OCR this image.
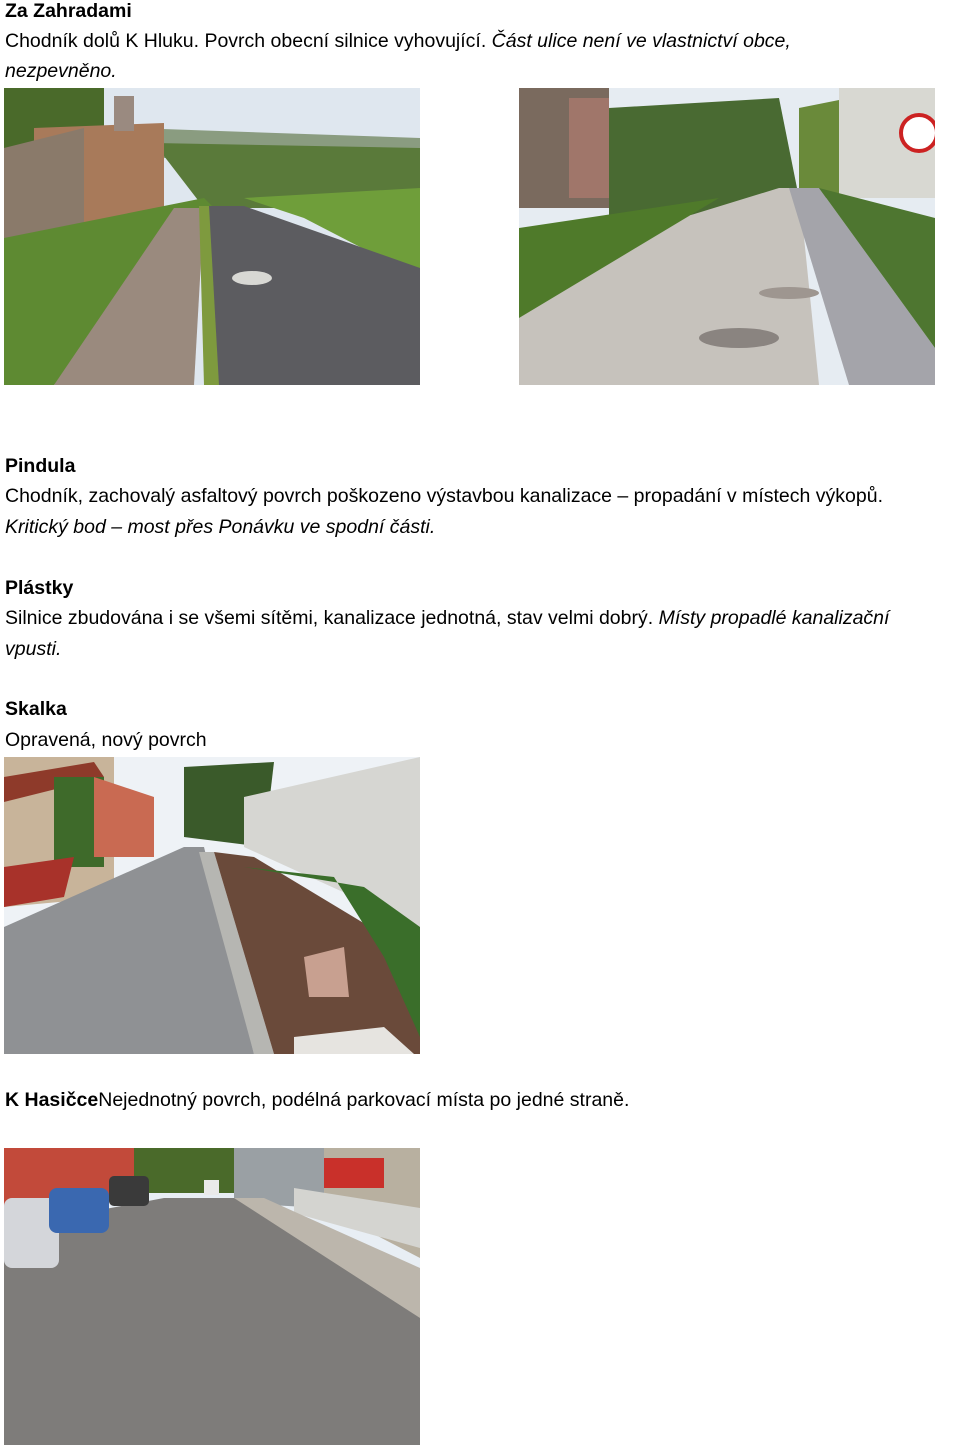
Za Zahradami
Chodník dolů K Hluku. Povrch obecní silnice vyhovující. Část ulice není ve vlastnictví obce,
nezpevněno.
Pindula
Chodník, zachovalý asfaltový povrch poškozeno výstavbou kanalizace – propadání v místech výkopů.
Kritický bod – most přes Ponávku ve spodní části.
Plástky
Silnice zbudována i se všemi sítěmi, kanalizace jednotná, stav velmi dobrý. Místy propadlé kanalizační
vpusti.
Skalka
Opravená, nový povrch
K HasičceNejednotný povrch, podélná parkovací místa po jedné straně.
